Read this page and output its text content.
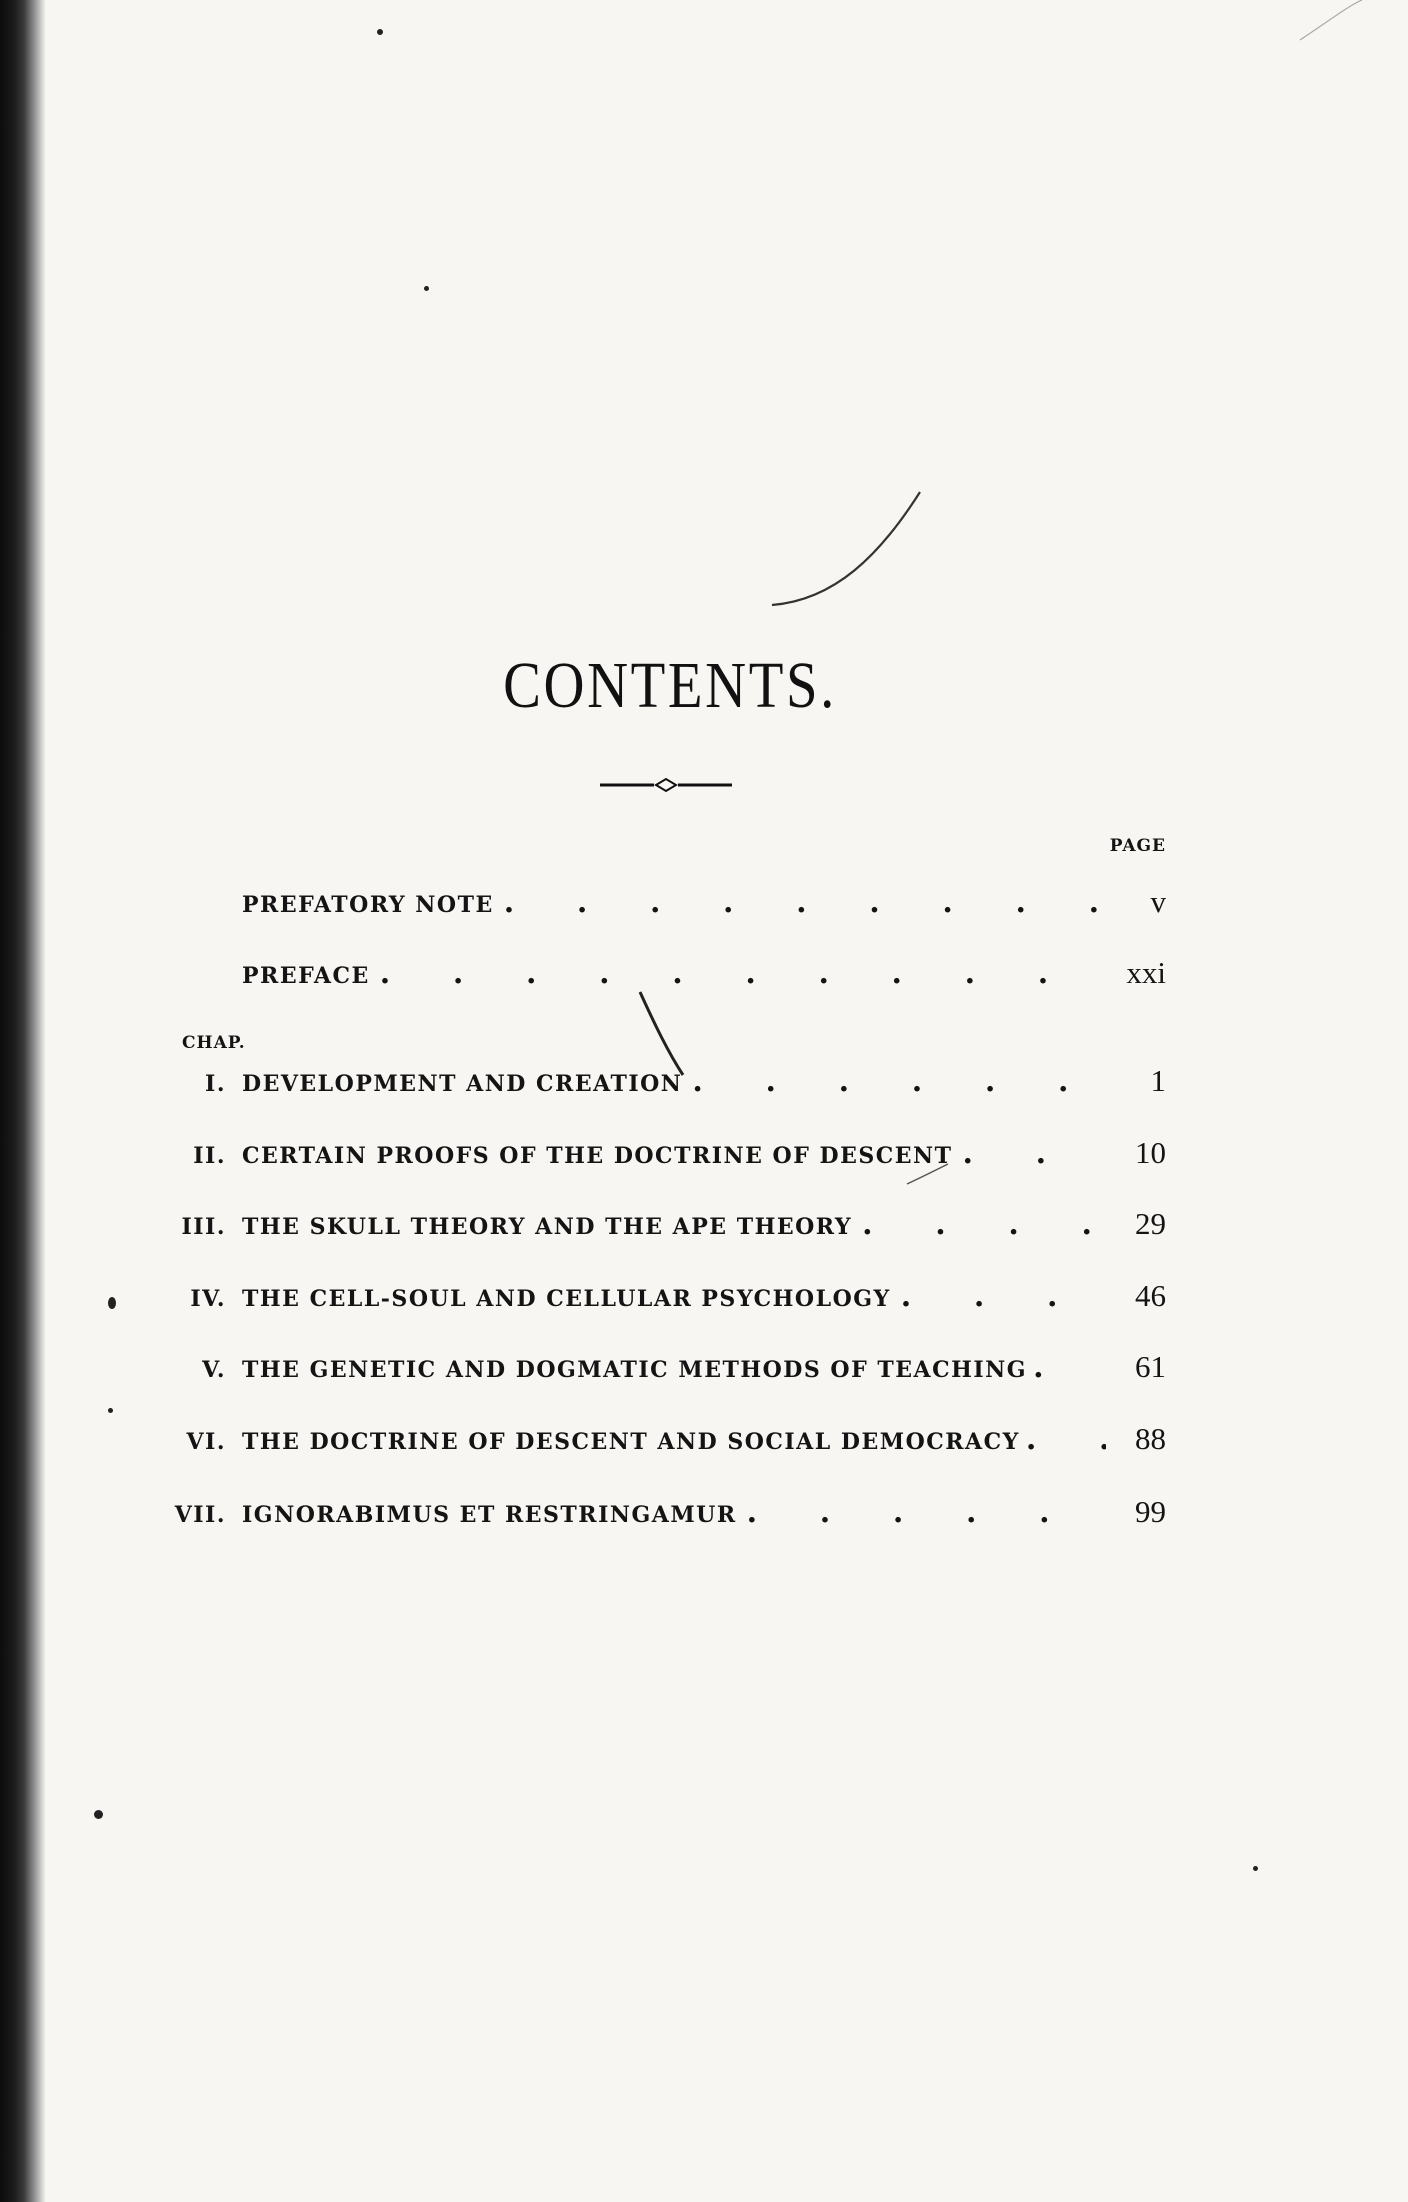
CONTENTS.
PAGE
PREFATORY NOTE .	v
PREFACE .	xxi
CHAP.
I. DEVELOPMENT AND CREATION .	1
II. CERTAIN PROOFS OF THE DOCTRINE OF DESCENT .	10
III. THE SKULL THEORY AND THE APE THEORY .	29
IV. THE CELL-SOUL AND CELLULAR PSYCHOLOGY .	46
V. THE GENETIC AND DOGMATIC METHODS OF TEACHING .	61
VI. THE DOCTRINE OF DESCENT AND SOCIAL DEMOCRACY .	88
VII. IGNORABIMUS ET RESTRINGAMUR .	99
